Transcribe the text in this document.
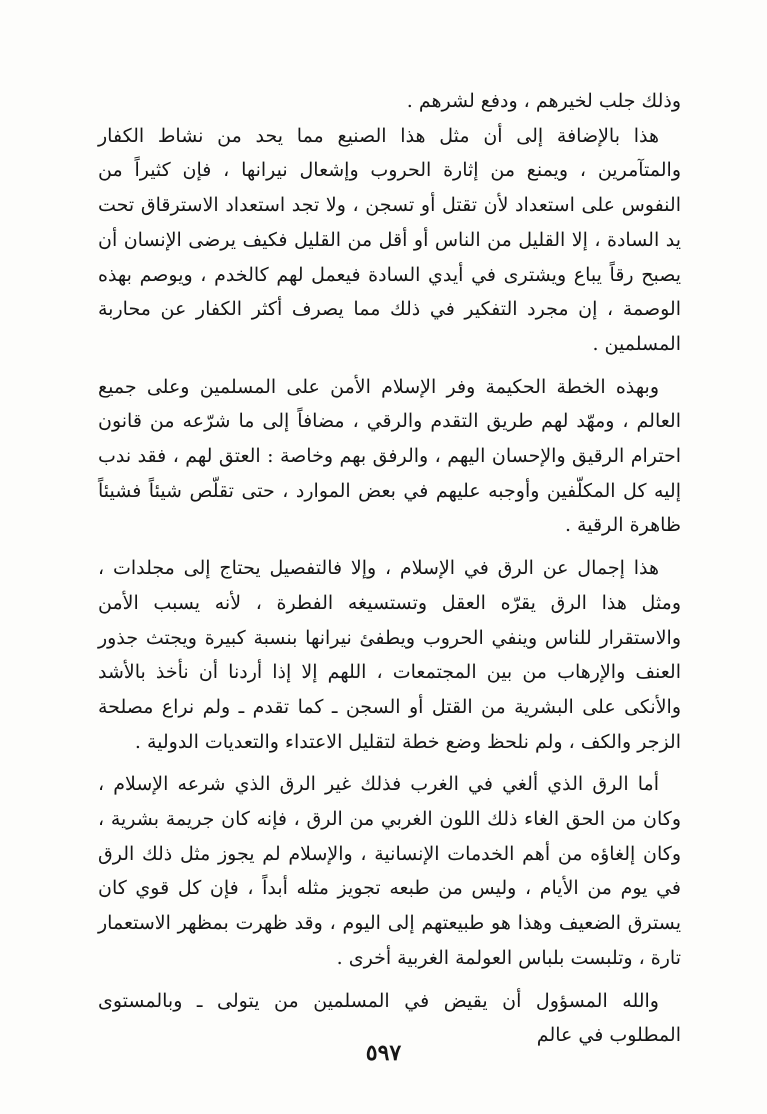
وذلك جلب لخيرهم ، ودفع لشرهم .

هذا بالإضافة إلى أن مثل هذا الصنيع مما يحد من نشاط الكفار والمتآمرين ، ويمنع من إثارة الحروب وإشعال نيرانها ، فإن كثيراً من النفوس على استعداد لأن تقتل أو تسجن ، ولا تجد استعداد الاسترقاق تحت يد السادة ، إلا القليل من الناس أو أقل من القليل فكيف يرضى الإنسان أن يصبح رقاً يباع ويشترى في أيدي السادة فيعمل لهم كالخدم ، ويوصم بهذه الوصمة ، إن مجرد التفكير في ذلك مما يصرف أكثر الكفار عن محاربة المسلمين .

وبهذه الخطة الحكيمة وفر الإسلام الأمن على المسلمين وعلى جميع العالم ، ومهّد لهم طريق التقدم والرقي ، مضافاً إلى ما شرّعه من قانون احترام الرقيق والإحسان اليهم ، والرفق بهم وخاصة : العتق لهم ، فقد ندب إليه كل المكلّفين وأوجبه عليهم في بعض الموارد ، حتى تقلّص شيئاً فشيئاً ظاهرة الرقية .

هذا إجمال عن الرق في الإسلام ، وإلا فالتفصيل يحتاج إلى مجلدات ، ومثل هذا الرق يقرّه العقل وتستسيغه الفطرة ، لأنه يسبب الأمن والاستقرار للناس وينفي الحروب ويطفئ نيرانها بنسبة كبيرة ويجتث جذور العنف والإرهاب من بين المجتمعات ، اللهم إلا إذا أردنا أن نأخذ بالأشد والأنكى على البشرية من القتل أو السجن ـ كما تقدم ـ ولم نراع مصلحة الزجر والكف ، ولم نلحظ وضع خطة لتقليل الاعتداء والتعديات الدولية .

أما الرق الذي ألغي في الغرب فذلك غير الرق الذي شرعه الإسلام ، وكان من الحق الغاء ذلك اللون الغربي من الرق ، فإنه كان جريمة بشرية ، وكان إلغاؤه من أهم الخدمات الإنسانية ، والإسلام لم يجوز مثل ذلك الرق في يوم من الأيام ، وليس من طبعه تجويز مثله أبداً ، فإن كل قوي كان يسترق الضعيف وهذا هو طبيعتهم إلى اليوم ، وقد ظهرت بمظهر الاستعمار تارة ، وتلبست بلباس العولمة الغربية أخرى .

والله المسؤول أن يقيض في المسلمين من يتولى ـ وبالمستوى المطلوب في عالم

٥٩٧
